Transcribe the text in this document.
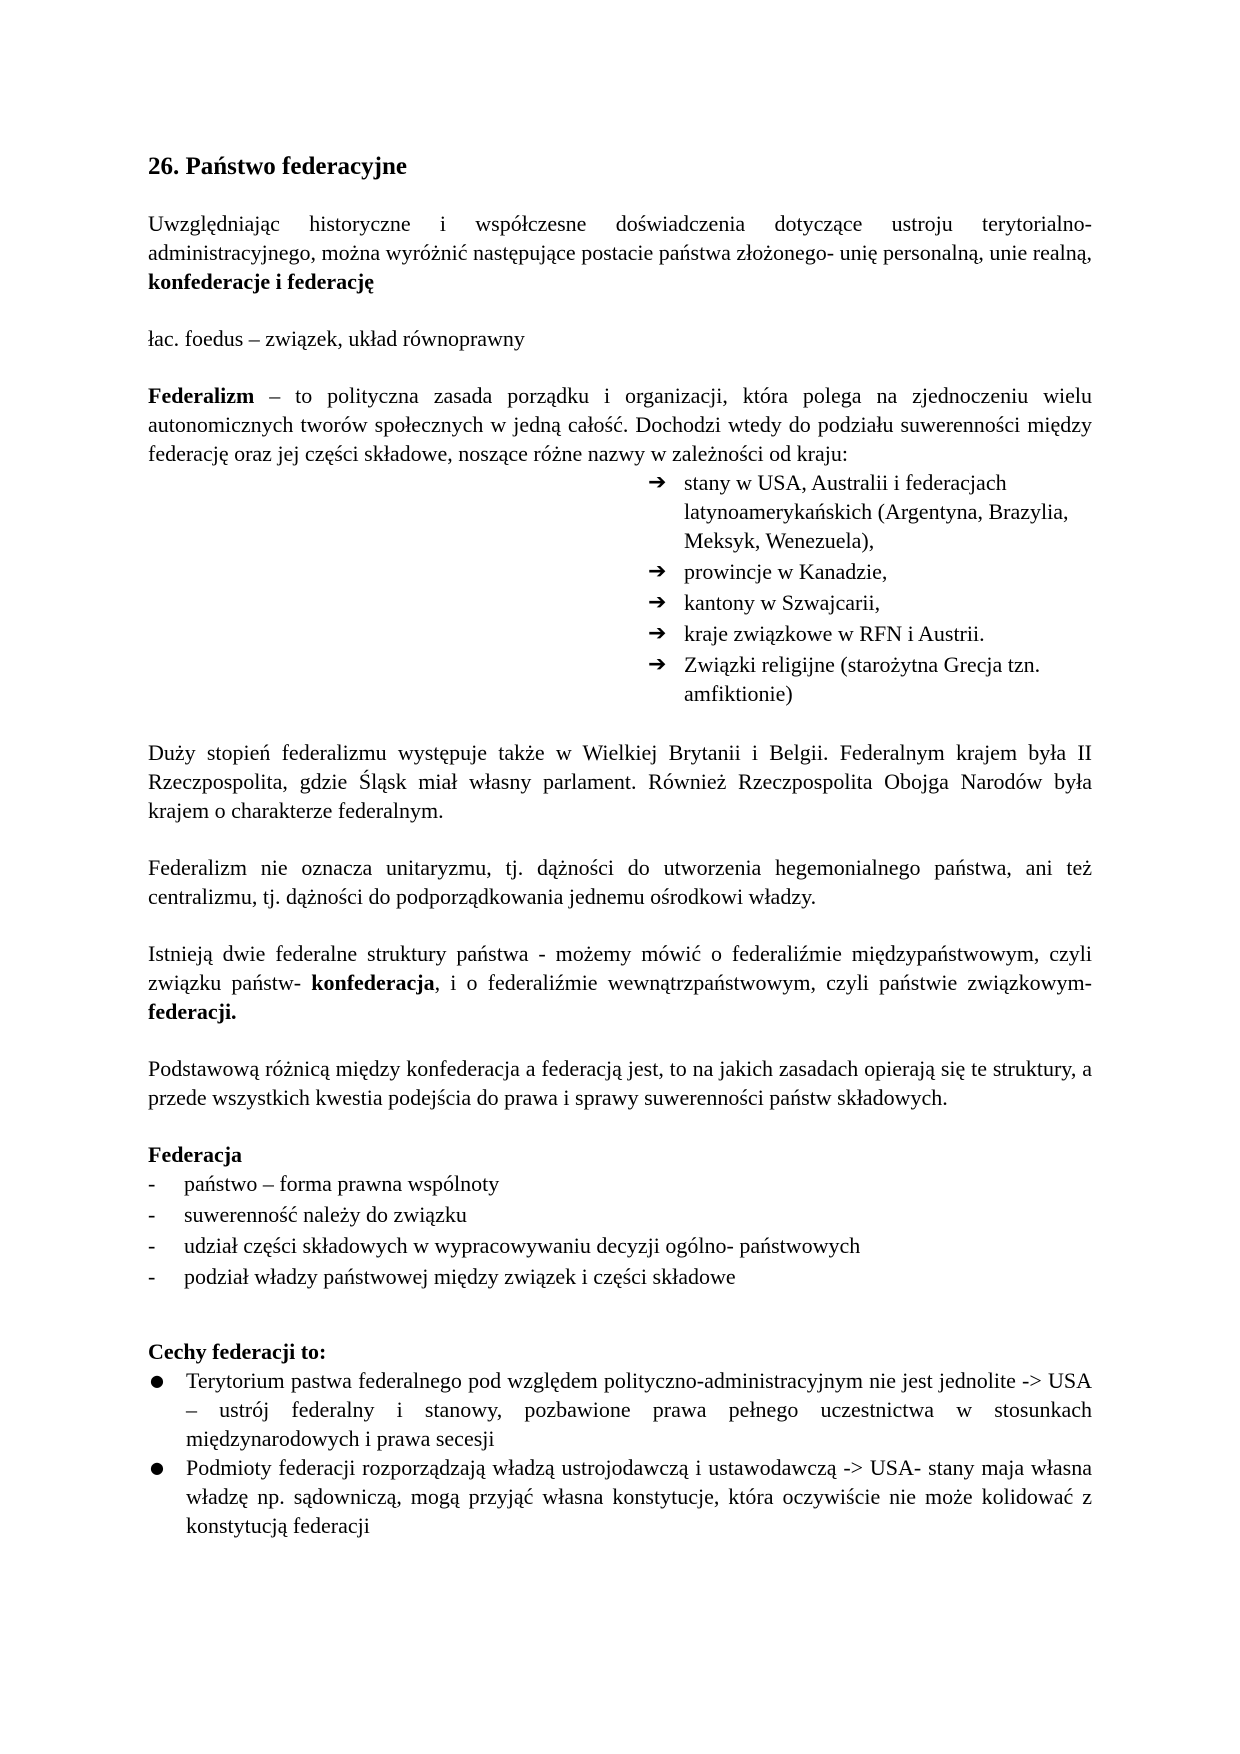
26. Państwo federacyjne

Uwzględniając historyczne i współczesne doświadczenia dotyczące ustroju terytorialno-administracyjnego, można wyróżnić następujące postacie państwa złożonego- unię personalną, unie realną, konfederacje i federację

łac. foedus – związek, układ równoprawny

Federalizm – to polityczna zasada porządku i organizacji, która polega na zjednoczeniu wielu autonomicznych tworów społecznych w jedną całość. Dochodzi wtedy do podziału suwerenności między federację oraz jej części składowe, noszące różne nazwy w zależności od kraju:

➔ stany w USA, Australii i federacjach latynoamerykańskich (Argentyna, Brazylia, Meksyk, Wenezuela),
➔ prowincje w Kanadzie,
➔ kantony w Szwajcarii,
➔ kraje związkowe w RFN i Austrii.
➔ Związki religijne (starożytna Grecja tzn. amfiktionie)

Duży stopień federalizmu występuje także w Wielkiej Brytanii i Belgii. Federalnym krajem była II Rzeczpospolita, gdzie Śląsk miał własny parlament. Również Rzeczpospolita Obojga Narodów była krajem o charakterze federalnym.

Federalizm nie oznacza unitaryzmu, tj. dążności do utworzenia hegemonialnego państwa, ani też centralizmu, tj. dążności do podporządkowania jednemu ośrodkowi władzy.

Istnieją dwie federalne struktury państwa - możemy mówić o federaliźmie międzypaństwowym, czyli związku państw- konfederacja, i o federaliźmie wewnątrzpaństwowym, czyli państwie związkowym- federacji.

Podstawową różnicą między konfederacja a federacją jest, to na jakich zasadach opierają się te struktury, a przede wszystkich kwestia podejścia do prawa i sprawy suwerenności państw składowych.

Federacja

-	państwo – forma prawna wspólnoty
-	suwerenność należy do związku
-	udział części składowych w wypracowywaniu decyzji ogólno- państwowych
-	podział władzy państwowej między związek i części składowe

Cechy federacji to:

●	Terytorium pastwa federalnego pod względem polityczno-administracyjnym nie jest jednolite -> USA – ustrój federalny i stanowy, pozbawione prawa pełnego uczestnictwa w stosunkach międzynarodowych i prawa secesji
●	Podmioty federacji rozporządzają władzą ustrojodawczą i ustawodawczą -> USA- stany maja własna władzę np. sądowniczą, mogą przyjąć własna konstytucje, która oczywiście nie może kolidować z konstytucją federacji
